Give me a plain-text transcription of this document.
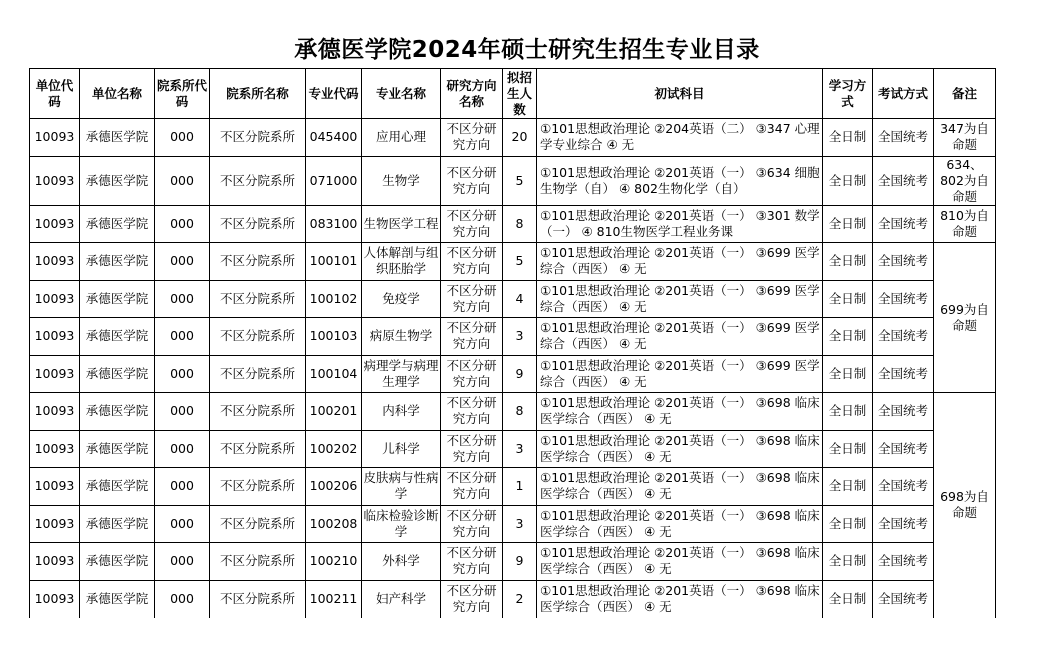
承德医学院2024年硕士研究生招生专业目录
单位代码	单位名称	院系所代码	院系所名称	专业代码	专业名称	研究方向名称	拟招生人数	初试科目	学习方式	考试方式	备注
10093	承德医学院	000	不区分院系所	045400	应用心理	不区分研究方向	20	①101思想政治理论 ②204英语（二） ③347 心理学专业综合 ④ 无	全日制	全国统考	347为自命题
10093	承德医学院	000	不区分院系所	071000	生物学	不区分研究方向	5	①101思想政治理论 ②201英语（一） ③634 细胞生物学（自） ④ 802生物化学（自）	全日制	全国统考	634、802为自命题
10093	承德医学院	000	不区分院系所	083100	生物医学工程	不区分研究方向	8	①101思想政治理论 ②201英语（一） ③301 数学（一） ④ 810生物医学工程业务课	全日制	全国统考	810为自命题
10093	承德医学院	000	不区分院系所	100101	人体解剖与组织胚胎学	不区分研究方向	5	①101思想政治理论 ②201英语（一） ③699 医学综合（西医） ④ 无	全日制	全国统考	699为自命题
10093	承德医学院	000	不区分院系所	100102	免疫学	不区分研究方向	4	①101思想政治理论 ②201英语（一） ③699 医学综合（西医） ④ 无	全日制	全国统考	
10093	承德医学院	000	不区分院系所	100103	病原生物学	不区分研究方向	3	①101思想政治理论 ②201英语（一） ③699 医学综合（西医） ④ 无	全日制	全国统考	
10093	承德医学院	000	不区分院系所	100104	病理学与病理生理学	不区分研究方向	9	①101思想政治理论 ②201英语（一） ③699 医学综合（西医） ④ 无	全日制	全国统考	
10093	承德医学院	000	不区分院系所	100201	内科学	不区分研究方向	8	①101思想政治理论 ②201英语（一） ③698 临床医学综合（西医） ④ 无	全日制	全国统考	698为自命题
10093	承德医学院	000	不区分院系所	100202	儿科学	不区分研究方向	3	①101思想政治理论 ②201英语（一） ③698 临床医学综合（西医） ④ 无	全日制	全国统考	
10093	承德医学院	000	不区分院系所	100206	皮肤病与性病学	不区分研究方向	1	①101思想政治理论 ②201英语（一） ③698 临床医学综合（西医） ④ 无	全日制	全国统考	
10093	承德医学院	000	不区分院系所	100208	临床检验诊断学	不区分研究方向	3	①101思想政治理论 ②201英语（一） ③698 临床医学综合（西医） ④ 无	全日制	全国统考	
10093	承德医学院	000	不区分院系所	100210	外科学	不区分研究方向	9	①101思想政治理论 ②201英语（一） ③698 临床医学综合（西医） ④ 无	全日制	全国统考	
10093	承德医学院	000	不区分院系所	100211	妇产科学	不区分研究方向	2	①101思想政治理论 ②201英语（一） ③698 临床医学综合（西医） ④ 无	全日制	全国统考	
